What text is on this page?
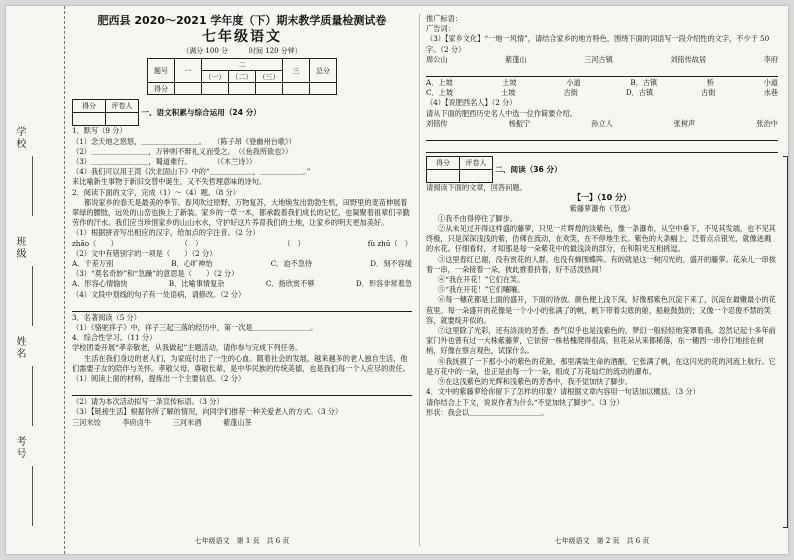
学校
班级
姓名
考号
肥西县 2020～2021 学年度（下）期末教学质量检测试卷
七年级语文
（满分 100 分　　　时间 120 分钟）
题号	一	二			三	总分
		（一）	（二）	（三）		
得分						
得分	评卷人
	一、语文积累与综合运用（24 分）
1．默写（9 分）
（1）念天地之悠悠，＿＿＿＿＿＿＿＿。　　（陈子昂《登幽州台歌》）
（2）＿＿＿＿＿＿＿＿，万钟则不辩礼义而受之。　（《鱼我所欲也》）
（3）＿＿＿＿＿＿＿＿，蜀道难行。　　　　（《木兰诗》）
（4）我们可以用王湾《次北固山下》中的“＿＿＿＿＿＿，＿＿＿＿＿＿。”
来比喻新生事物于新旧交替中诞生，又不失哲理意味的诗句。
2．阅读下面的文字，完成（1）～（4）题。（8 分）
都说家乡的春天是最美的季节。春风吹过原野，万物复苏，大地焕发出勃勃生机，田野里的麦苗伸展着翠绿的腰肢，远处的山峦也换上了新装。家乡的一草一木，都承载着我们成长的记忆，也凝聚着祖辈们辛勤劳作的汗水。我们应当珍惜家乡的山山水水，守护好这片养育我们的土地，让家乡的明天更加美好。
（1）根据拼音写出相应的汉字，给加点的字注音。（2 分）
zhāo（　　）	（　）　　　	（　）	fù zhū（　）
（2）文中有错别字的一项是（　　）（2 分）
A．千差万别	B．心旷神怡	C．迫不急待	D．刻不容缓
（3）“莫名奇妙”和“急躁”的意思是（　　）（2 分）
A．形容心情愉快	B．比喻事情复杂	C．指欣赏不够	D．形容非常着急
（4）文段中划线的句子有一处语病，请修改。（2 分）
3．名著阅读（5 分）
（1）《骆驼祥子》中，祥子三起三落的经历中，第一次是＿＿＿＿＿＿＿＿。
4．综合性学习。（11 分）
学校团委开展“孝亲敬老，从我做起”主题活动，请你参与完成下列任务。
生活在我们身边的老人们，为家庭付出了一生的心血。随着社会的发展，越来越多的老人独自生活，他们需要子女的陪伴与关怀。孝敬父母、尊敬长辈，是中华民族的传统美德，也是我们每一个人应尽的责任。
（1）阅读上面的材料，提炼出一个主要信息。（2 分）
（2）请为本次活动拟写一条宣传标语。（3 分）
（3）【链接生活】根据你所了解的情况，向同学们推荐一种关爱老人的方式。（3 分）
三河米饺　　　李府卤牛　　　三河米酒　　　紫蓬山茶
七年级语文　第 1 页　共 6 页
推广标语：
广告词：
（3）【家乡文化】“一地一风情”，请结合家乡的地方特色，围绕下面的词语写一段介绍性的文字，不少于 50 字。（2 分）
周公山	紫蓬山	三河古镇	刘铭传故居	李府
A．上坡	土坡	小道	B．古镇	桥	小道
C．上坡	土坡	古街	D．古镇	古街	水巷
（4）【说肥西名人】（2 分）
请从下面的肥西历史名人中选一位作简要介绍。
刘铭传	杨振宁	孙立人	张树声	张治中
得分	评卷人
	二、阅读（36 分）
请阅读下面的文章，回答问题。
【一】（10 分）
紫藤萝瀑布（节选）
①我不由得停住了脚步。
②从未见过开得这样盛的藤萝，只见一片辉煌的淡紫色，像一条瀑布，从空中垂下，不见其发端，也不见其终极，只是深深浅浅的紫，仿佛在流动，在欢笑，在不停地生长。紫色的大条幅上，泛着点点银光，就像迸溅的水花。仔细看时，才知那是每一朵紫花中的最浅淡的部分，在和阳光互相挑逗。
③这里春红已谢，没有赏花的人群，也没有蜂围蝶阵。有的就是这一树闪光的、盛开的藤萝。花朵儿一串挨着一串，一朵接着一朵，彼此推着挤着，好不活泼热闹！
④“我在开花！”它们在笑。
⑤“我在开花！”它们嚷嚷。
⑥每一穗花都是上面的盛开，下面的待放。颜色便上浅下深，好像那紫色沉淀下来了，沉淀在最嫩最小的花苞里。每一朵盛开的花像是一个小小的张满了的帆，帆下带着尖底的舱，船舱鼓鼓的；又像一个忍俊不禁的笑容，就要绽开似的。
⑦这里除了光彩，还有淡淡的芳香。香气似乎也是浅紫色的，梦幻一般轻轻地笼罩着我。忽然记起十多年前家门外也曾有过一大株紫藤萝，它依傍一株枯槐爬得很高，但花朵从来都稀落，东一穗西一串伶仃地挂在树梢，好像在察言观色，试探什么。
⑧我抚摸了一下那小小的紫色的花舱，那里满装生命的酒酿，它张满了帆，在这闪光的花的河流上航行。它是万花中的一朵，也正是由每一个一朵，组成了万花灿烂的流动的瀑布。
⑨在这浅紫色的光辉和浅紫色的芳香中，我不觉加快了脚步。
4．文中的紫藤萝给你留下了怎样的印象？请根据文章内容用一句话加以概括。（3 分）
请你结合上下文，说说作者为什么“不觉加快了脚步”。（3 分）
形状：我会以＿＿＿＿＿＿＿＿＿＿。
七年级语文　第 2 页　共 6 页
